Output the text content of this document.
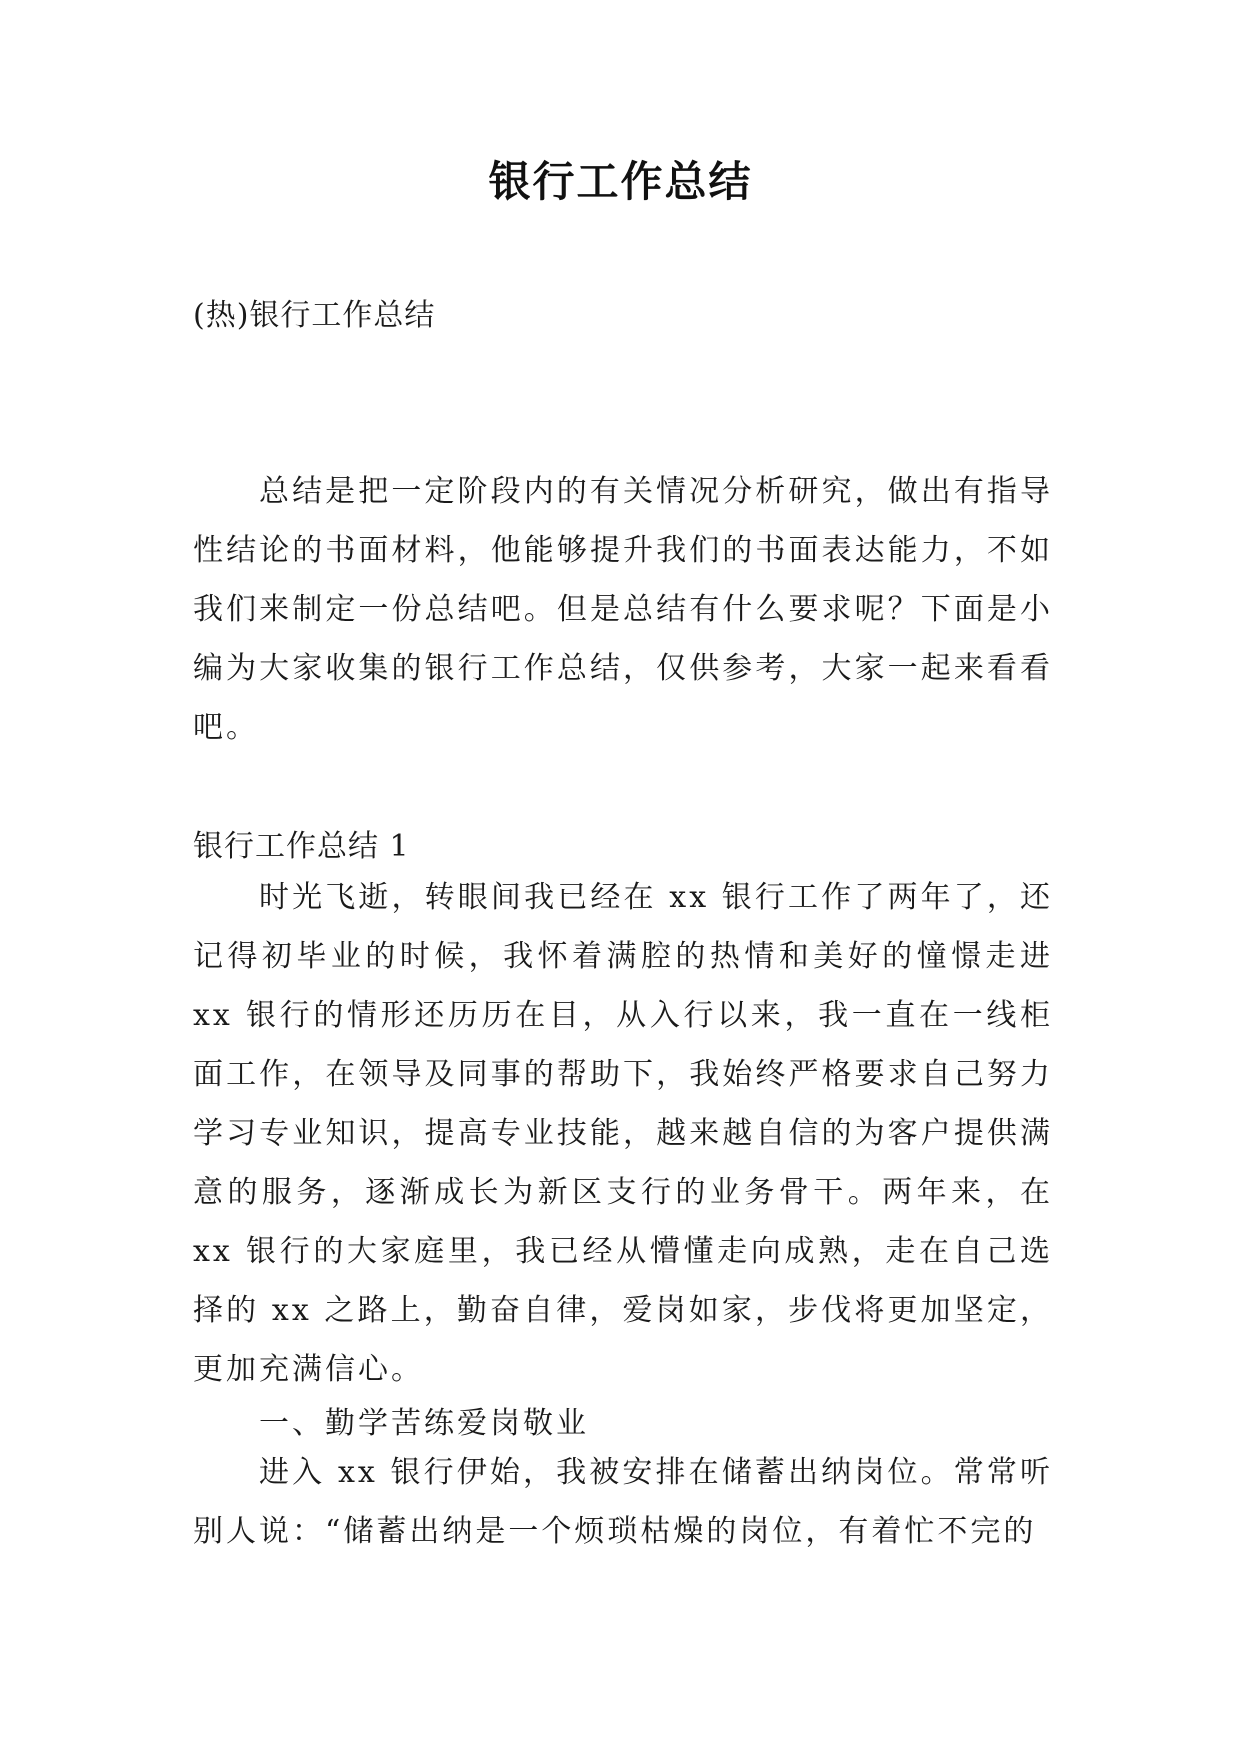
银行工作总结
(热)银行工作总结

总结是把一定阶段内的有关情况分析研究，做出有指导性结论的书面材料，他能够提升我们的书面表达能力，不如我们来制定一份总结吧。但是总结有什么要求呢？下面是小编为大家收集的银行工作总结，仅供参考，大家一起来看看吧。

银行工作总结 1

时光飞逝，转眼间我已经在 xx 银行工作了两年了，还记得初毕业的时候，我怀着满腔的热情和美好的憧憬走进 xx 银行的情形还历历在目，从入行以来，我一直在一线柜面工作，在领导及同事的帮助下，我始终严格要求自己努力学习专业知识，提高专业技能，越来越自信的为客户提供满意的服务，逐渐成长为新区支行的业务骨干。两年来，在 xx 银行的大家庭里，我已经从懵懂走向成熟，走在自己选择的 xx 之路上，勤奋自律，爱岗如家，步伐将更加坚定，更加充满信心。

一、勤学苦练爱岗敬业

进入 xx 银行伊始，我被安排在储蓄出纳岗位。常常听别人说：“储蓄出纳是一个烦琐枯燥的岗位，有着忙不完的
